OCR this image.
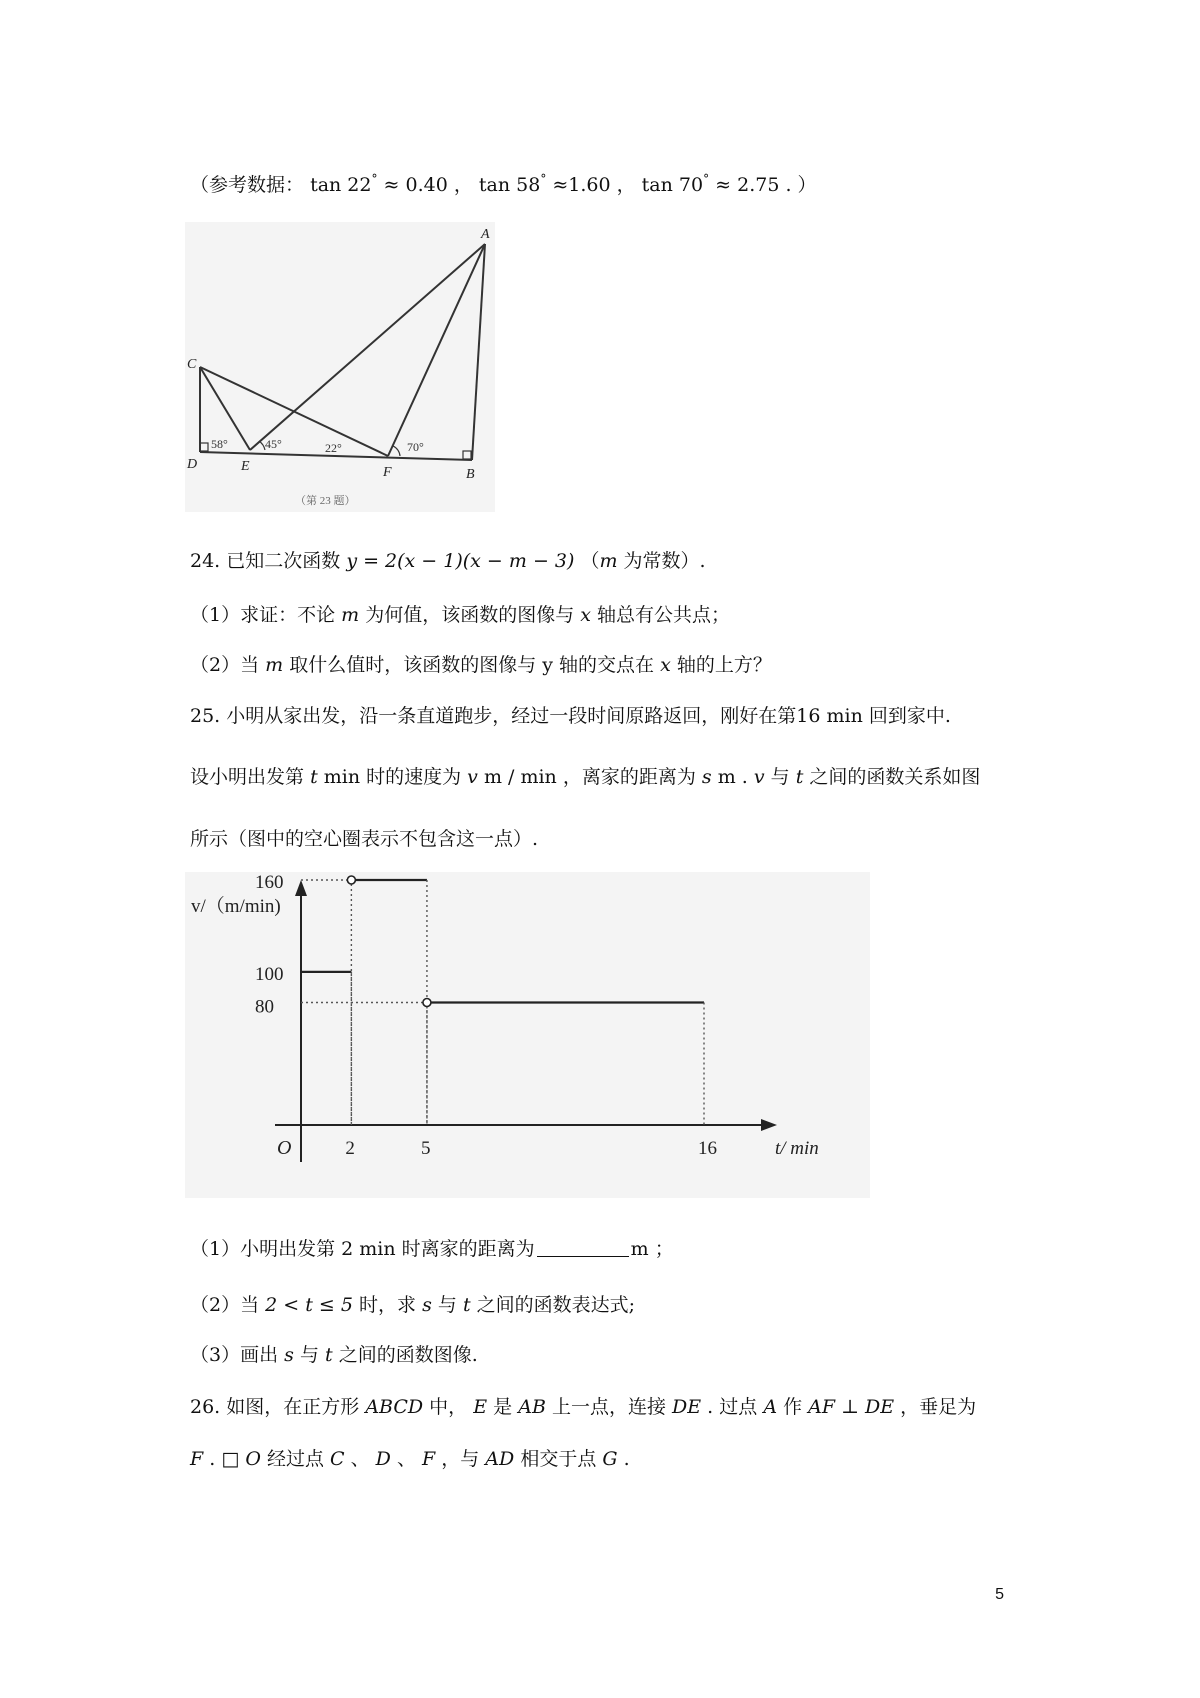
（参考数据： tan 22° ≈ 0.40 ， tan 58° ≈1.60 ， tan 70° ≈ 2.75 . ）
A
B
C
D	E	F
58°	45°	22°	70°
（第 23 题）
24. 已知二次函数 y = 2(x − 1)(x − m − 3) （m 为常数）.
（1）求证：不论 m 为何值，该函数的图像与 x 轴总有公共点；
（2）当 m 取什么值时，该函数的图像与 y 轴的交点在 x 轴的上方？
25. 小明从家出发，沿一条直道跑步，经过一段时间原路返回，刚好在第16 min 回到家中.
设小明出发第 t min 时的速度为 v m / min ，离家的距离为 s m . v 与 t 之间的函数关系如图
所示（图中的空心圈表示不包含这一点）.
v/（m/min)
t/ min
O
160
100
80
2	5	16
（1）小明出发第 2 min 时离家的距离为	m ；
（2）当 2 < t ≤ 5 时，求 s 与 t 之间的函数表达式;
（3）画出 s 与 t 之间的函数图像.
26. 如图，在正方形 ABCD 中， E 是 AB 上一点，连接 DE . 过点 A 作 AF ⊥ DE ，垂足为
F . □ O 经过点 C 、 D 、 F ，与 AD 相交于点 G .
5
